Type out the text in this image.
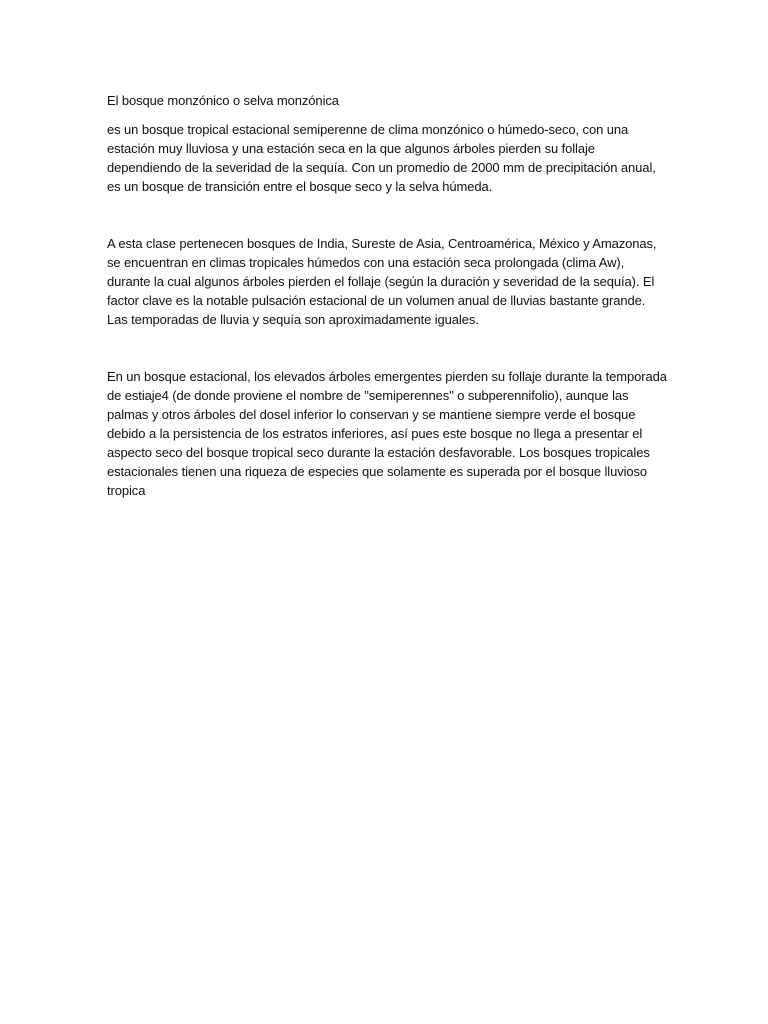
El bosque monzónico o selva monzónica

es un bosque tropical estacional semiperenne de clima monzónico o húmedo-seco, con una estación muy lluviosa y una estación seca en la que algunos árboles pierden su follaje dependiendo de la severidad de la sequía. Con un promedio de 2000 mm de precipitación anual, es un bosque de transición entre el bosque seco y la selva húmeda.

A esta clase pertenecen bosques de India, Sureste de Asia, Centroamérica, México y Amazonas, se encuentran en climas tropicales húmedos con una estación seca prolongada (clima Aw), durante la cual algunos árboles pierden el follaje (según la duración y severidad de la sequía). El factor clave es la notable pulsación estacional de un volumen anual de lluvias bastante grande. Las temporadas de lluvia y sequía son aproximadamente iguales.

En un bosque estacional, los elevados árboles emergentes pierden su follaje durante la temporada de estiaje4 (de donde proviene el nombre de "semiperennes" o subperennifolio), aunque las palmas y otros árboles del dosel inferior lo conservan y se mantiene siempre verde el bosque debido a la persistencia de los estratos inferiores, así pues este bosque no llega a presentar el aspecto seco del bosque tropical seco durante la estación desfavorable. Los bosques tropicales estacionales tienen una riqueza de especies que solamente es superada por el bosque lluvioso tropica
